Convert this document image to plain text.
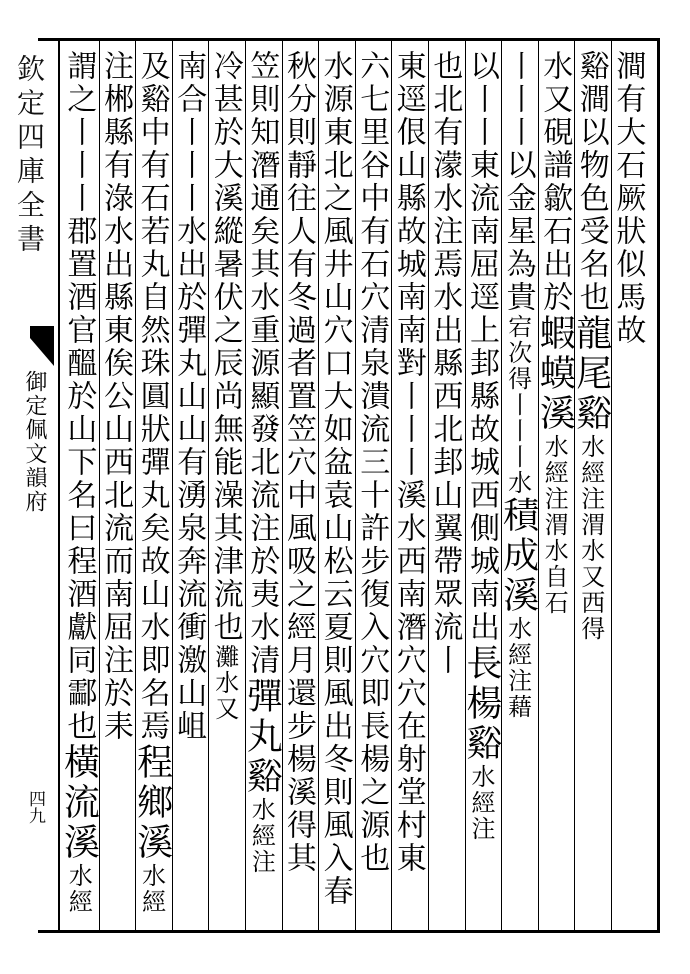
欽定四庫全書
御定佩文韻府
四九
澗有大石厥狀似馬故
谿澗以物色受名也龍尾谿水經注渭水又西得
水又硯譜歙石出於蝦蟆溪水經注渭水自石
丨丨丨以金星為貴宕次得丨丨丨水積成溪水經注藉
以丨丨東流南屈逕上邽縣故城西側城南出長楊谿水經注
也北有濛水注焉水出縣西北邽山翼帶眾流丨
東逕佷山縣故城南南對丨丨丨溪水西南潛穴穴在射堂村東
六七里谷中有石穴清泉潰流三十許步復入穴即長楊之源也
水源東北之風井山穴口大如盆袁山松云夏則風出冬則風入春
秋分則靜往人有冬過者置笠穴中風吸之經月還步楊溪得其
笠則知潛通矣其水重源顯發北流注於夷水清彈丸谿水經注
冷甚於大溪縱暑伏之辰尚無能澡其津流也灘水又
南合丨丨丨水出於彈丸山山有湧泉奔流衝激山岨
及谿中有石若丸自然珠圓狀彈丸矣故山水即名焉程鄉溪水經
注郴縣有淥水出縣東俟公山西北流而南屈注於耒
謂之丨丨丨郡置酒官醞於山下名曰程酒獻同酃也橫流溪水經
